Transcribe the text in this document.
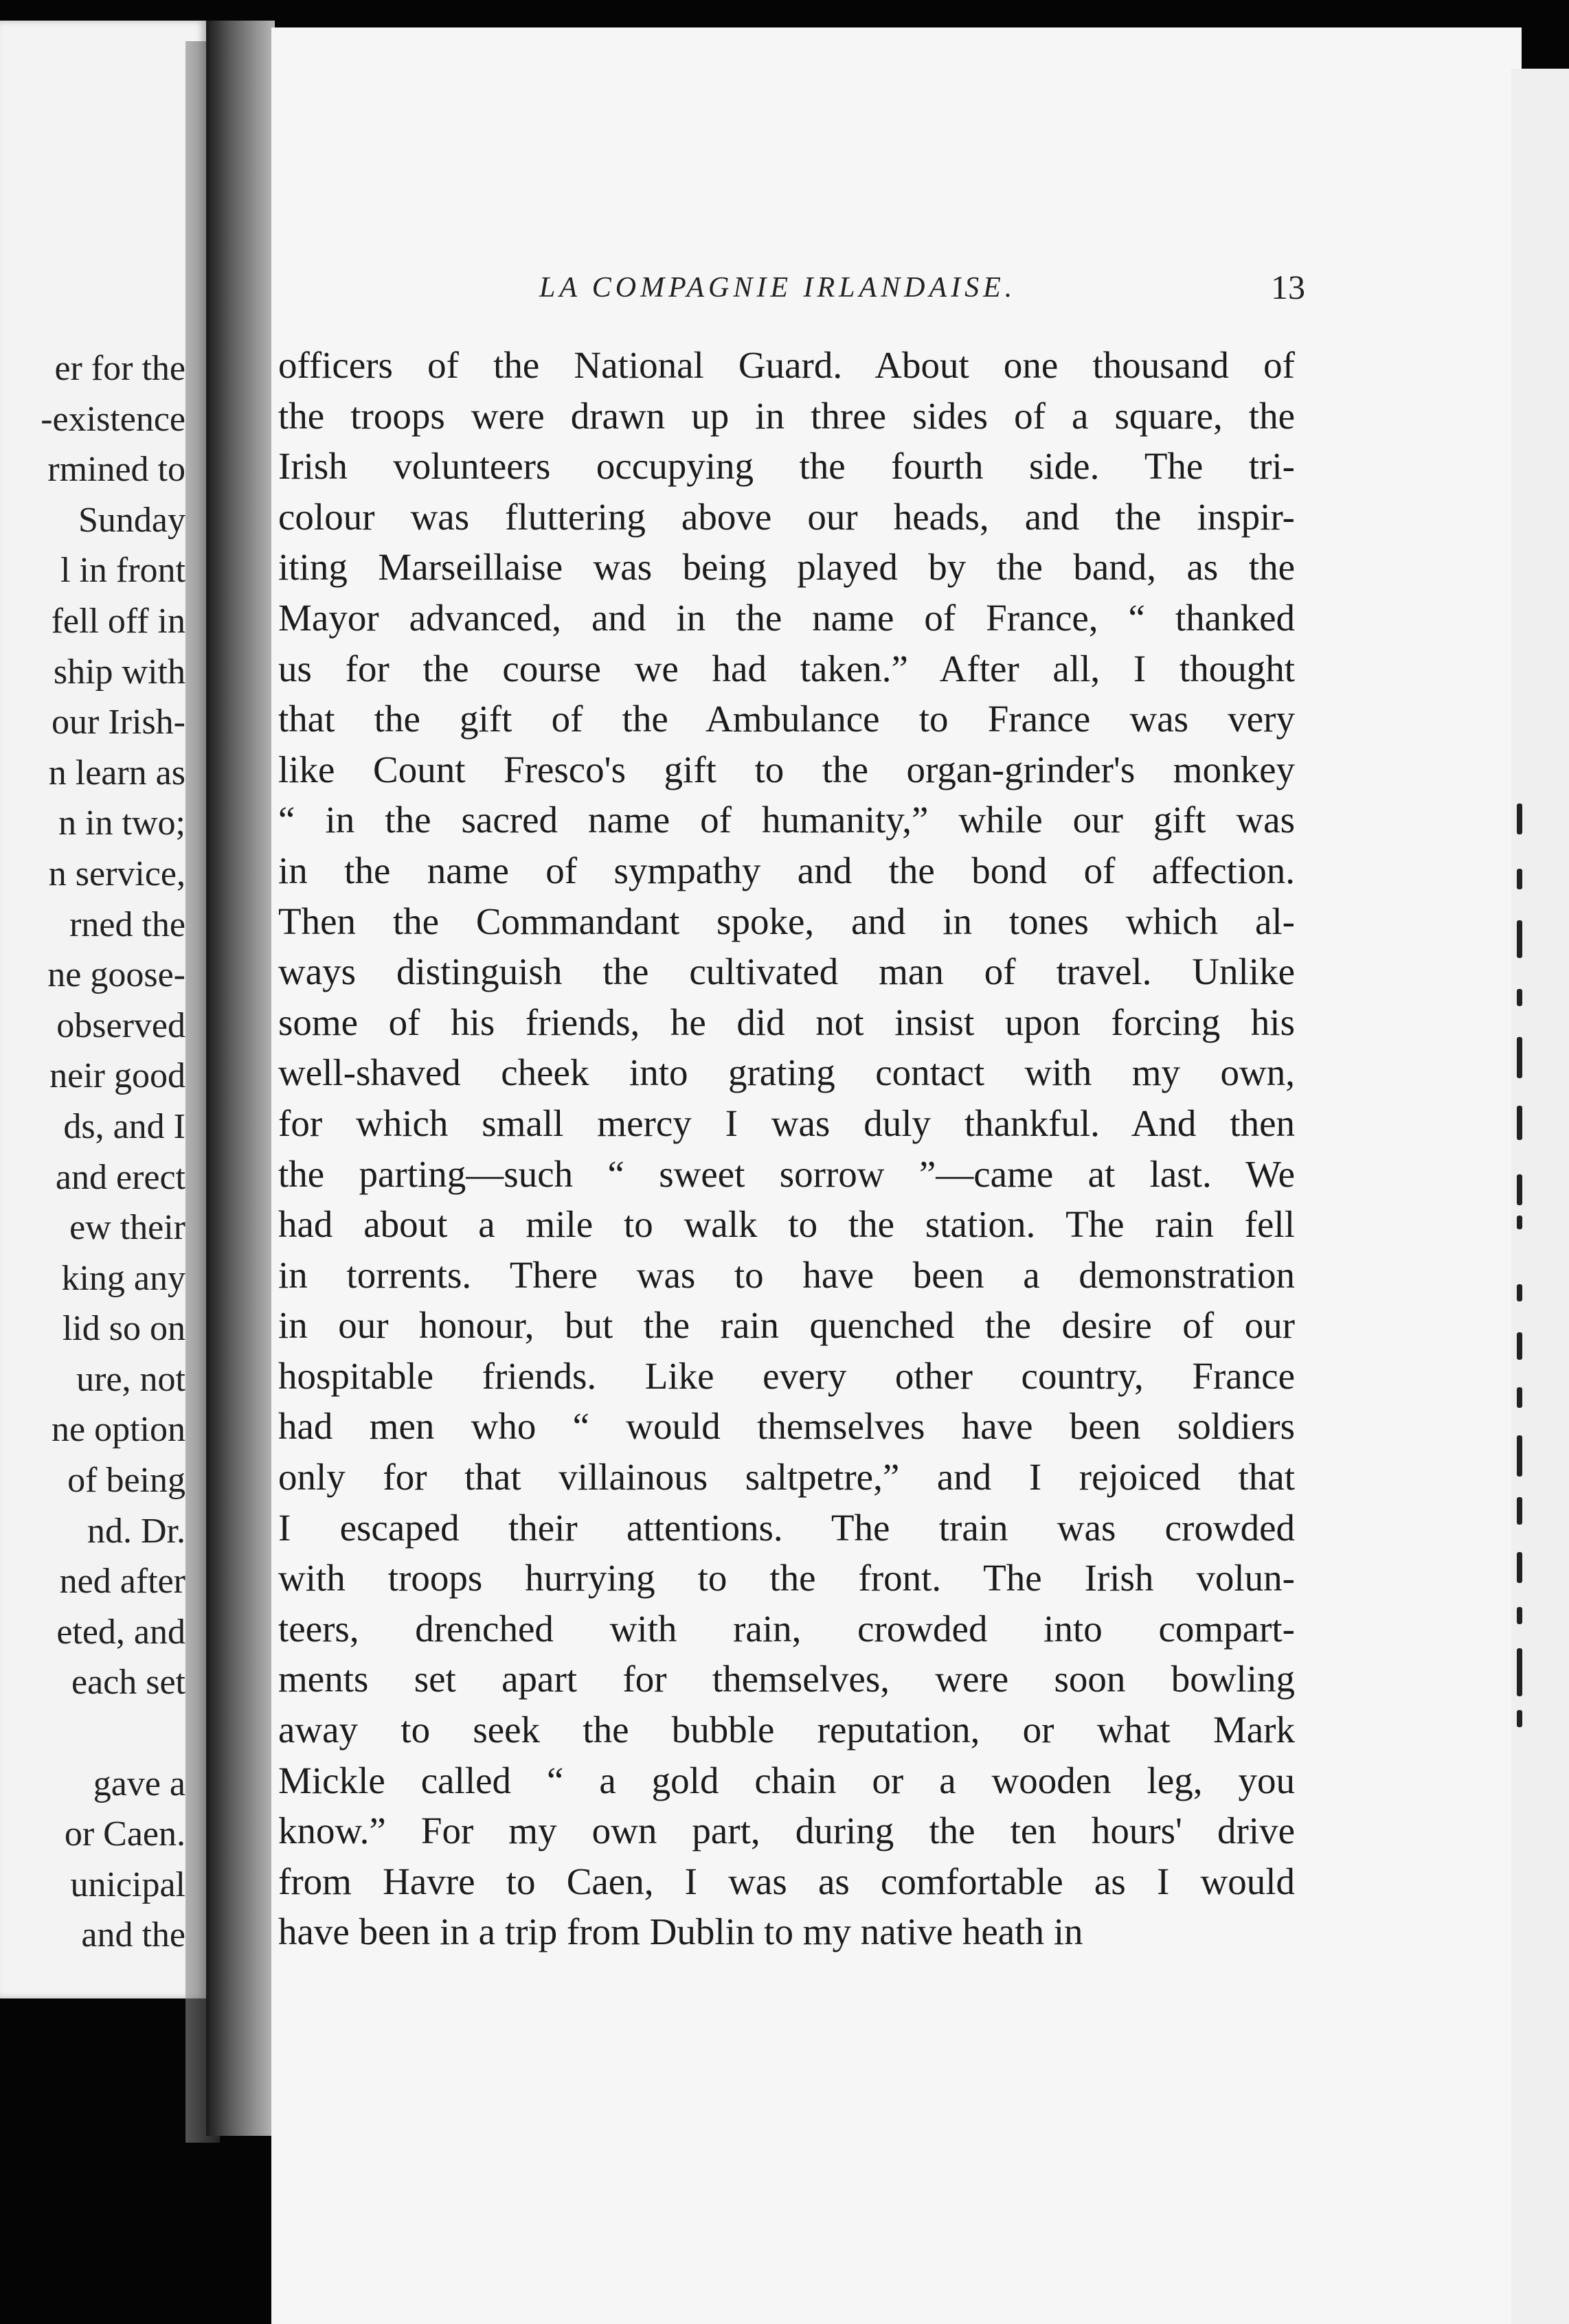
er for the
-existence
rmined to
Sunday
l in front
fell off in
ship with
our Irish-
n learn as
n in two;
n service,
rned the
ne goose-
observed
neir good
ds, and I
and erect
ew their
king any
lid so on
ure, not
ne option
of being
nd. Dr.
ned after
eted, and
each set
gave a
or Caen.
unicipal
and the
LA COMPAGNIE IRLANDAISE.	13
officers of the National Guard. About one thousand of
the troops were drawn up in three sides of a square, the
Irish volunteers occupying the fourth side. The tri-
colour was fluttering above our heads, and the inspir-
iting Marseillaise was being played by the band, as the
Mayor advanced, and in the name of France, “ thanked
us for the course we had taken.” After all, I thought
that the gift of the Ambulance to France was very
like Count Fresco's gift to the organ-grinder's monkey
“ in the sacred name of humanity,” while our gift was
in the name of sympathy and the bond of affection.
Then the Commandant spoke, and in tones which al-
ways distinguish the cultivated man of travel. Unlike
some of his friends, he did not insist upon forcing his
well-shaved cheek into grating contact with my own,
for which small mercy I was duly thankful. And then
the parting—such “ sweet sorrow ”—came at last. We
had about a mile to walk to the station. The rain fell
in torrents. There was to have been a demonstration
in our honour, but the rain quenched the desire of our
hospitable friends. Like every other country, France
had men who “ would themselves have been soldiers
only for that villainous saltpetre,” and I rejoiced that
I escaped their attentions. The train was crowded
with troops hurrying to the front. The Irish volun-
teers, drenched with rain, crowded into compart-
ments set apart for themselves, were soon bowling
away to seek the bubble reputation, or what Mark
Mickle called “ a gold chain or a wooden leg, you
know.” For my own part, during the ten hours' drive
from Havre to Caen, I was as comfortable as I would
have been in a trip from Dublin to my native heath in
